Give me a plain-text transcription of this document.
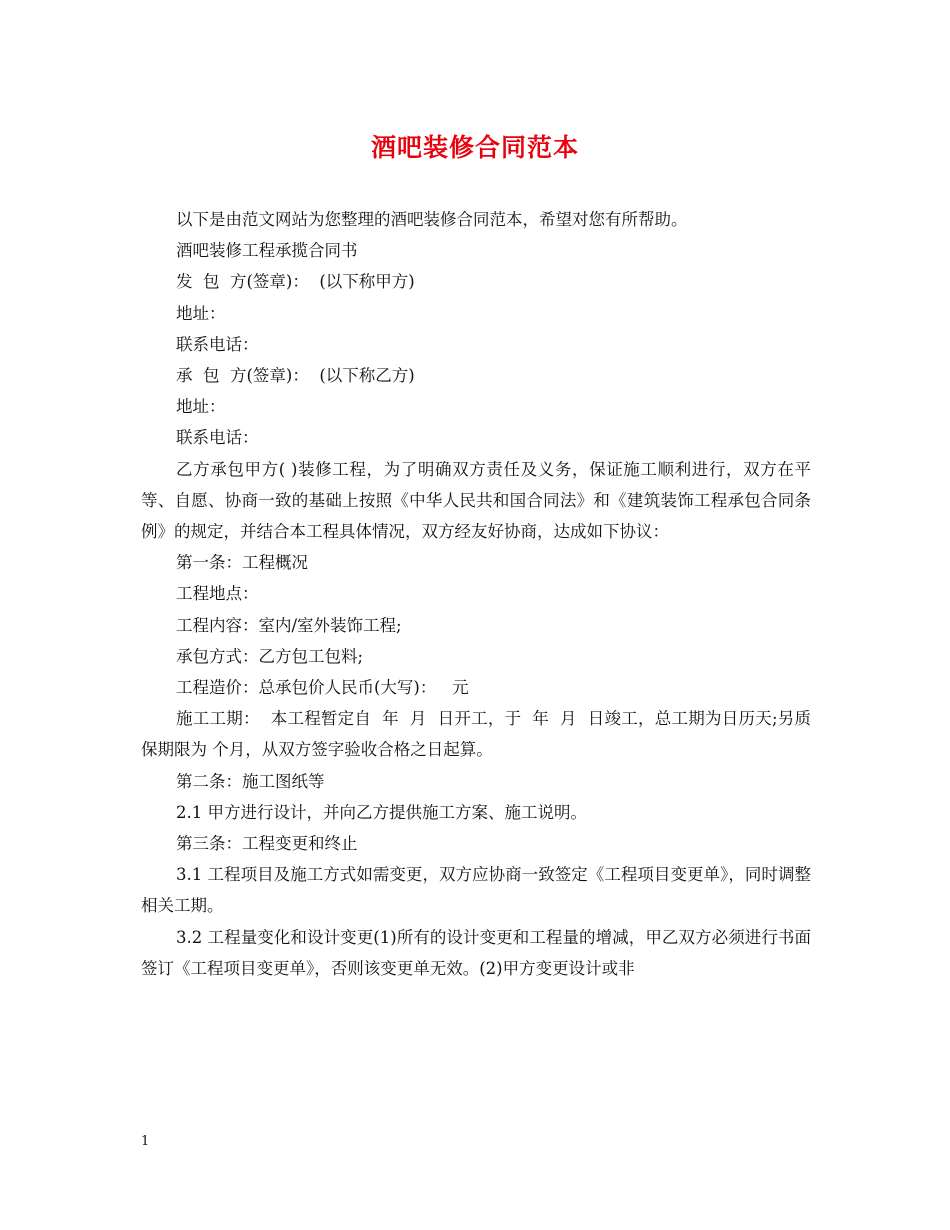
酒吧装修合同范本

以下是由范文网站为您整理的酒吧装修合同范本，希望对您有所帮助。

酒吧装修工程承揽合同书

发  包  方(签章)：  (以下称甲方)

地址：

联系电话：

承  包  方(签章)：  (以下称乙方)

地址：

联系电话：

乙方承包甲方( )装修工程，为了明确双方责任及义务，保证施工顺利进行，双方在平等、自愿、协商一致的基础上按照《中华人民共和国合同法》和《建筑装饰工程承包合同条例》的规定，并结合本工程具体情况，双方经友好协商，达成如下协议：

第一条：工程概况

工程地点：

工程内容：室内/室外装饰工程;

承包方式：乙方包工包料;

工程造价：总承包价人民币(大写)：   元

施工工期：  本工程暂定自  年  月  日开工，于  年  月  日竣工，总工期为日历天;另质保期限为 个月，从双方签字验收合格之日起算。

第二条：施工图纸等

2.1 甲方进行设计，并向乙方提供施工方案、施工说明。

第三条：工程变更和终止

3.1 工程项目及施工方式如需变更，双方应协商一致签定《工程项目变更单》，同时调整相关工期。

3.2 工程量变化和设计变更(1)所有的设计变更和工程量的增减，甲乙双方必须进行书面签订《工程项目变更单》，否则该变更单无效。(2)甲方变更设计或非

1
